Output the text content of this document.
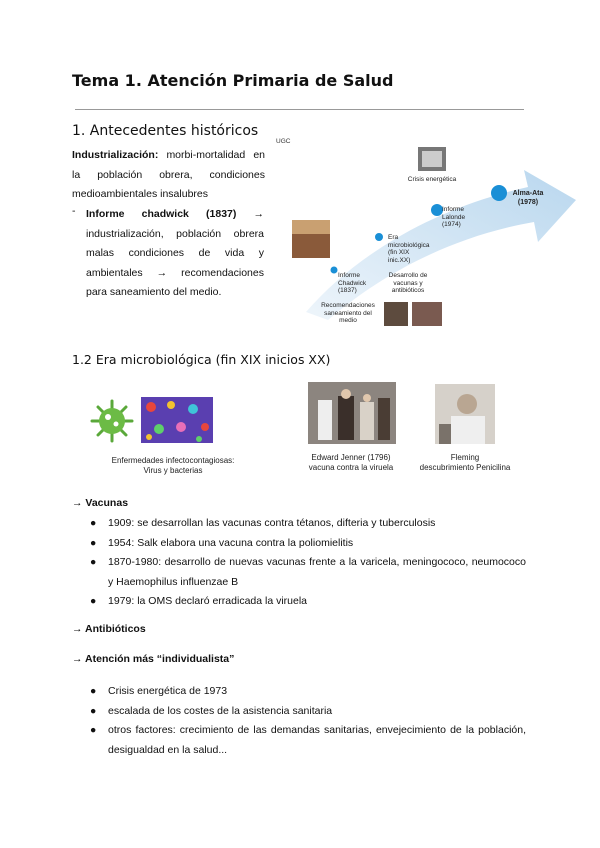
Tema 1. Atención Primaria de Salud
1. Antecedentes históricos
Industrialización: morbi-mortalidad en la población obrera, condiciones medioambientales insalubres
- Informe chadwick (1837) → industrialización, población obrera malas condiciones de vida y ambientales → recomendaciones para saneamiento del medio.
UGC
Crisis energética
Alma-Ata
(1978)
Informe Lalonde (1974)
Era microbiológica (fin XIX inic.XX)
Informe Chadwick (1837)
Desarrollo de vacunas y antibióticos
Recomendaciones saneamiento del medio
1.2 Era microbiológica (fin XIX inicios XX)
Enfermedades infectocontagiosas:
Virus y bacterias
Edward Jenner (1796)
vacuna contra la viruela
Fleming
descubrimiento Penicilina
→ Vacunas
● 1909: se desarrollan las vacunas contra tétanos, difteria y tuberculosis
● 1954: Salk elabora una vacuna contra la poliomielitis
● 1870-1980: desarrollo de nuevas vacunas frente a la varicela, meningococo, neumococo y Haemophilus influenzae B
● 1979: la OMS declaró erradicada la viruela
→ Antibióticos
→ Atención más “individualista”
● Crisis energética de 1973
● escalada de los costes de la asistencia sanitaria
● otros factores: crecimiento de las demandas sanitarias, envejecimiento de la población, desigualdad en la salud...
